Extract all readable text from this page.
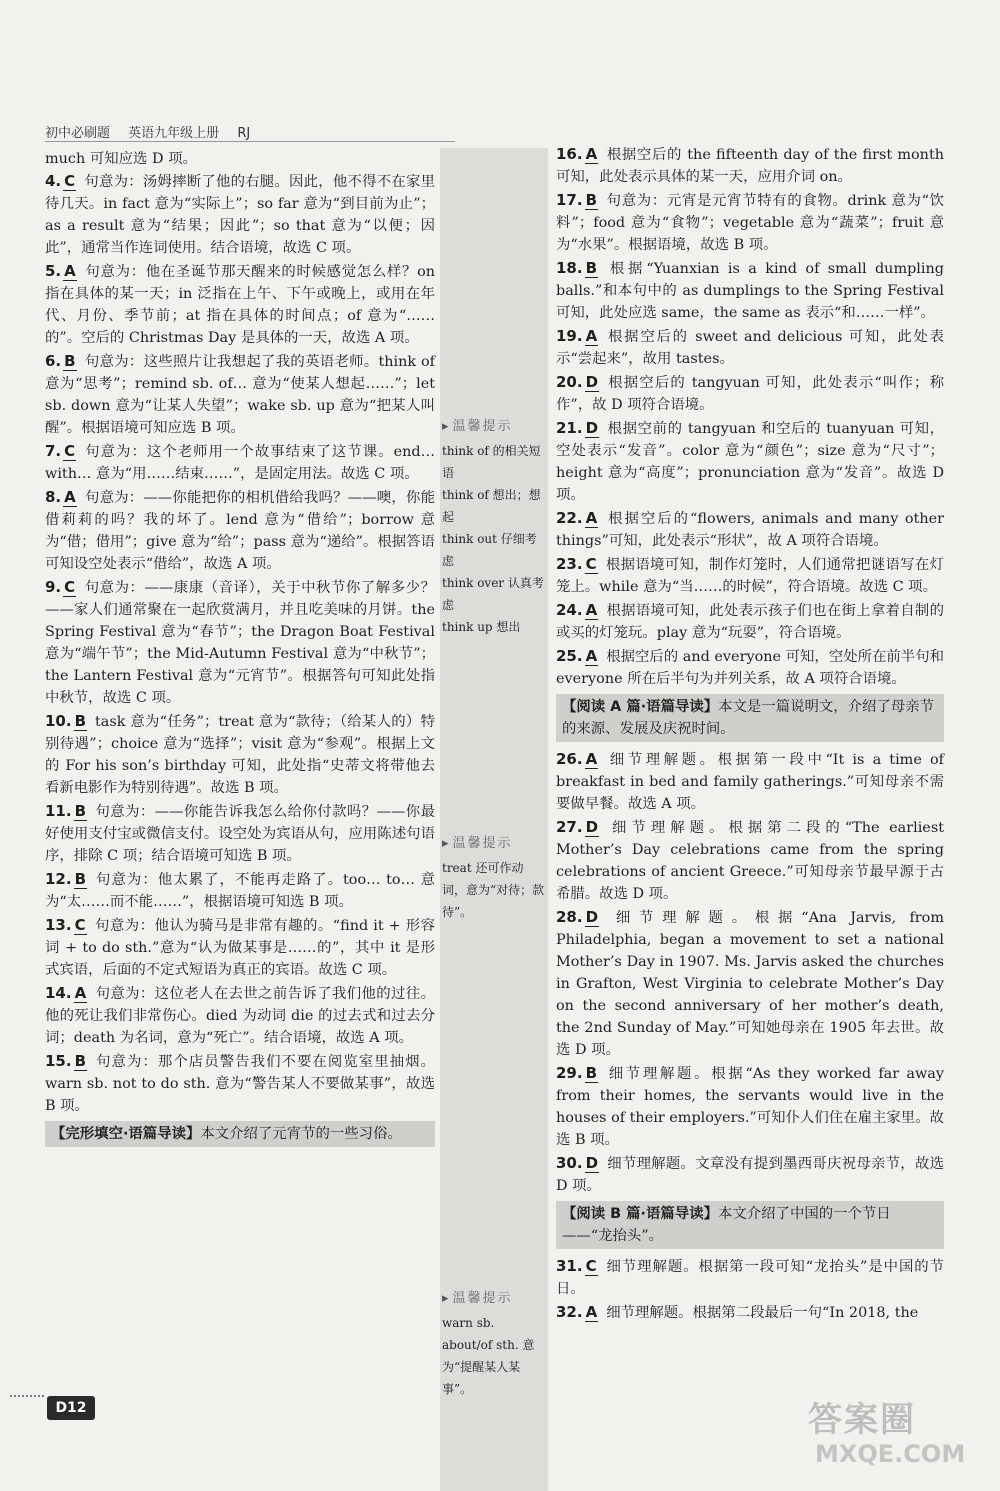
初中必刷题 英语九年级上册 RJ
much 可知应选 D 项。
4. C 句意为：汤姆摔断了他的右腿。因此，他不得不在家里待几天。in fact 意为“实际上”；so far 意为“到目前为止”；as a result 意为“结果；因此”；so that 意为“以便；因此”，通常当作连词使用。结合语境，故选 C 项。
5. A 句意为：他在圣诞节那天醒来的时候感觉怎么样？on 指在具体的某一天；in 泛指在上午、下午或晚上，或用在年代、月份、季节前；at 指在具体的时间点；of 意为“……的”。空后的 Christmas Day 是具体的一天，故选 A 项。
6. B 句意为：这些照片让我想起了我的英语老师。think of 意为“思考”；remind sb. of… 意为“使某人想起……”；let sb. down 意为“让某人失望”；wake sb. up 意为“把某人叫醒”。根据语境可知应选 B 项。
7. C 句意为：这个老师用一个故事结束了这节课。end… with… 意为“用……结束……”，是固定用法。故选 C 项。
8. A 句意为：——你能把你的相机借给我吗？——噢，你能借莉莉的吗？我的坏了。lend 意为“借给”；borrow 意为“借；借用”；give 意为“给”；pass 意为“递给”。根据答语可知设空处表示“借给”，故选 A 项。
9. C 句意为：——康康（音译），关于中秋节你了解多少？——家人们通常聚在一起欣赏满月，并且吃美味的月饼。the Spring Festival 意为“春节”；the Dragon Boat Festival 意为“端午节”；the Mid-Autumn Festival 意为“中秋节”；the Lantern Festival 意为“元宵节”。根据答句可知此处指中秋节，故选 C 项。
10. B task 意为“任务”；treat 意为“款待；（给某人的）特别待遇”；choice 意为“选择”；visit 意为“参观”。根据上文的 For his son’s birthday 可知，此处指“史蒂文将带他去看新电影作为特别待遇”。故选 B 项。
11. B 句意为：——你能告诉我怎么给你付款吗？——你最好使用支付宝或微信支付。设空处为宾语从句，应用陈述句语序，排除 C 项；结合语境可知选 B 项。
12. B 句意为：他太累了，不能再走路了。too… to… 意为“太……而不能……”，根据语境可知选 B 项。
13. C 句意为：他认为骑马是非常有趣的。“find it + 形容词 + to do sth.”意为“认为做某事是……的”，其中 it 是形式宾语，后面的不定式短语为真正的宾语。故选 C 项。
14. A 句意为：这位老人在去世之前告诉了我们他的过往。他的死让我们非常伤心。died 为动词 die 的过去式和过去分词；death 为名词，意为“死亡”。结合语境，故选 A 项。
15. B 句意为：那个店员警告我们不要在阅览室里抽烟。warn sb. not to do sth. 意为“警告某人不要做某事”，故选 B 项。
【完形填空·语篇导读】本文介绍了元宵节的一些习俗。
▸ 温馨提示
think of 的相关短语
think of 想出；想起
think out 仔细考虑
think over 认真考虑
think up 想出
▸ 温馨提示
treat 还可作动词，意为“对待；款待”。
▸ 温馨提示
warn sb. about/of sth. 意为“提醒某人某事”。
16. A 根据空后的 the fifteenth day of the first month 可知，此处表示具体的某一天，应用介词 on。
17. B 句意为：元宵是元宵节特有的食物。drink 意为“饮料”；food 意为“食物”；vegetable 意为“蔬菜”；fruit 意为“水果”。根据语境，故选 B 项。
18. B 根据“Yuanxian is a kind of small dumpling balls.”和本句中的 as dumplings to the Spring Festival 可知，此处应选 same，the same as 表示“和……一样”。
19. A 根据空后的 sweet and delicious 可知，此处表示“尝起来”，故用 tastes。
20. D 根据空后的 tangyuan 可知，此处表示“叫作；称作”，故 D 项符合语境。
21. D 根据空前的 tangyuan 和空后的 tuanyuan 可知，空处表示“发音”。color 意为“颜色”；size 意为“尺寸”；height 意为“高度”；pronunciation 意为“发音”。故选 D 项。
22. A 根据空后的“flowers, animals and many other things”可知，此处表示“形状”，故 A 项符合语境。
23. C 根据语境可知，制作灯笼时，人们通常把谜语写在灯笼上。while 意为“当……的时候”，符合语境。故选 C 项。
24. A 根据语境可知，此处表示孩子们也在街上拿着自制的或买的灯笼玩。play 意为“玩耍”，符合语境。
25. A 根据空后的 and everyone 可知，空处所在前半句和 everyone 所在后半句为并列关系，故 A 项符合语境。
【阅读 A 篇·语篇导读】本文是一篇说明文，介绍了母亲节的来源、发展及庆祝时间。
26. A 细节理解题。根据第一段中“It is a time of breakfast in bed and family gatherings.”可知母亲不需要做早餐。故选 A 项。
27. D 细节理解题。根据第二段的“The earliest Mother’s Day celebrations came from the spring celebrations of ancient Greece.”可知母亲节最早源于古希腊。故选 D 项。
28. D 细节理解题。根据“Ana Jarvis, from Philadelphia, began a movement to set a national Mother’s Day in 1907. Ms. Jarvis asked the churches in Grafton, West Virginia to celebrate Mother’s Day on the second anniversary of her mother’s death, the 2nd Sunday of May.”可知她母亲在 1905 年去世。故选 D 项。
29. B 细节理解题。根据“As they worked far away from their homes, the servants would live in the houses of their employers.”可知仆人们住在雇主家里。故选 B 项。
30. D 细节理解题。文章没有提到墨西哥庆祝母亲节，故选 D 项。
【阅读 B 篇·语篇导读】本文介绍了中国的一个节日——“龙抬头”。
31. C 细节理解题。根据第一段可知“龙抬头”是中国的节日。
32. A 细节理解题。根据第二段最后一句“In 2018, the
D12	答案圈
MXQE.COM
